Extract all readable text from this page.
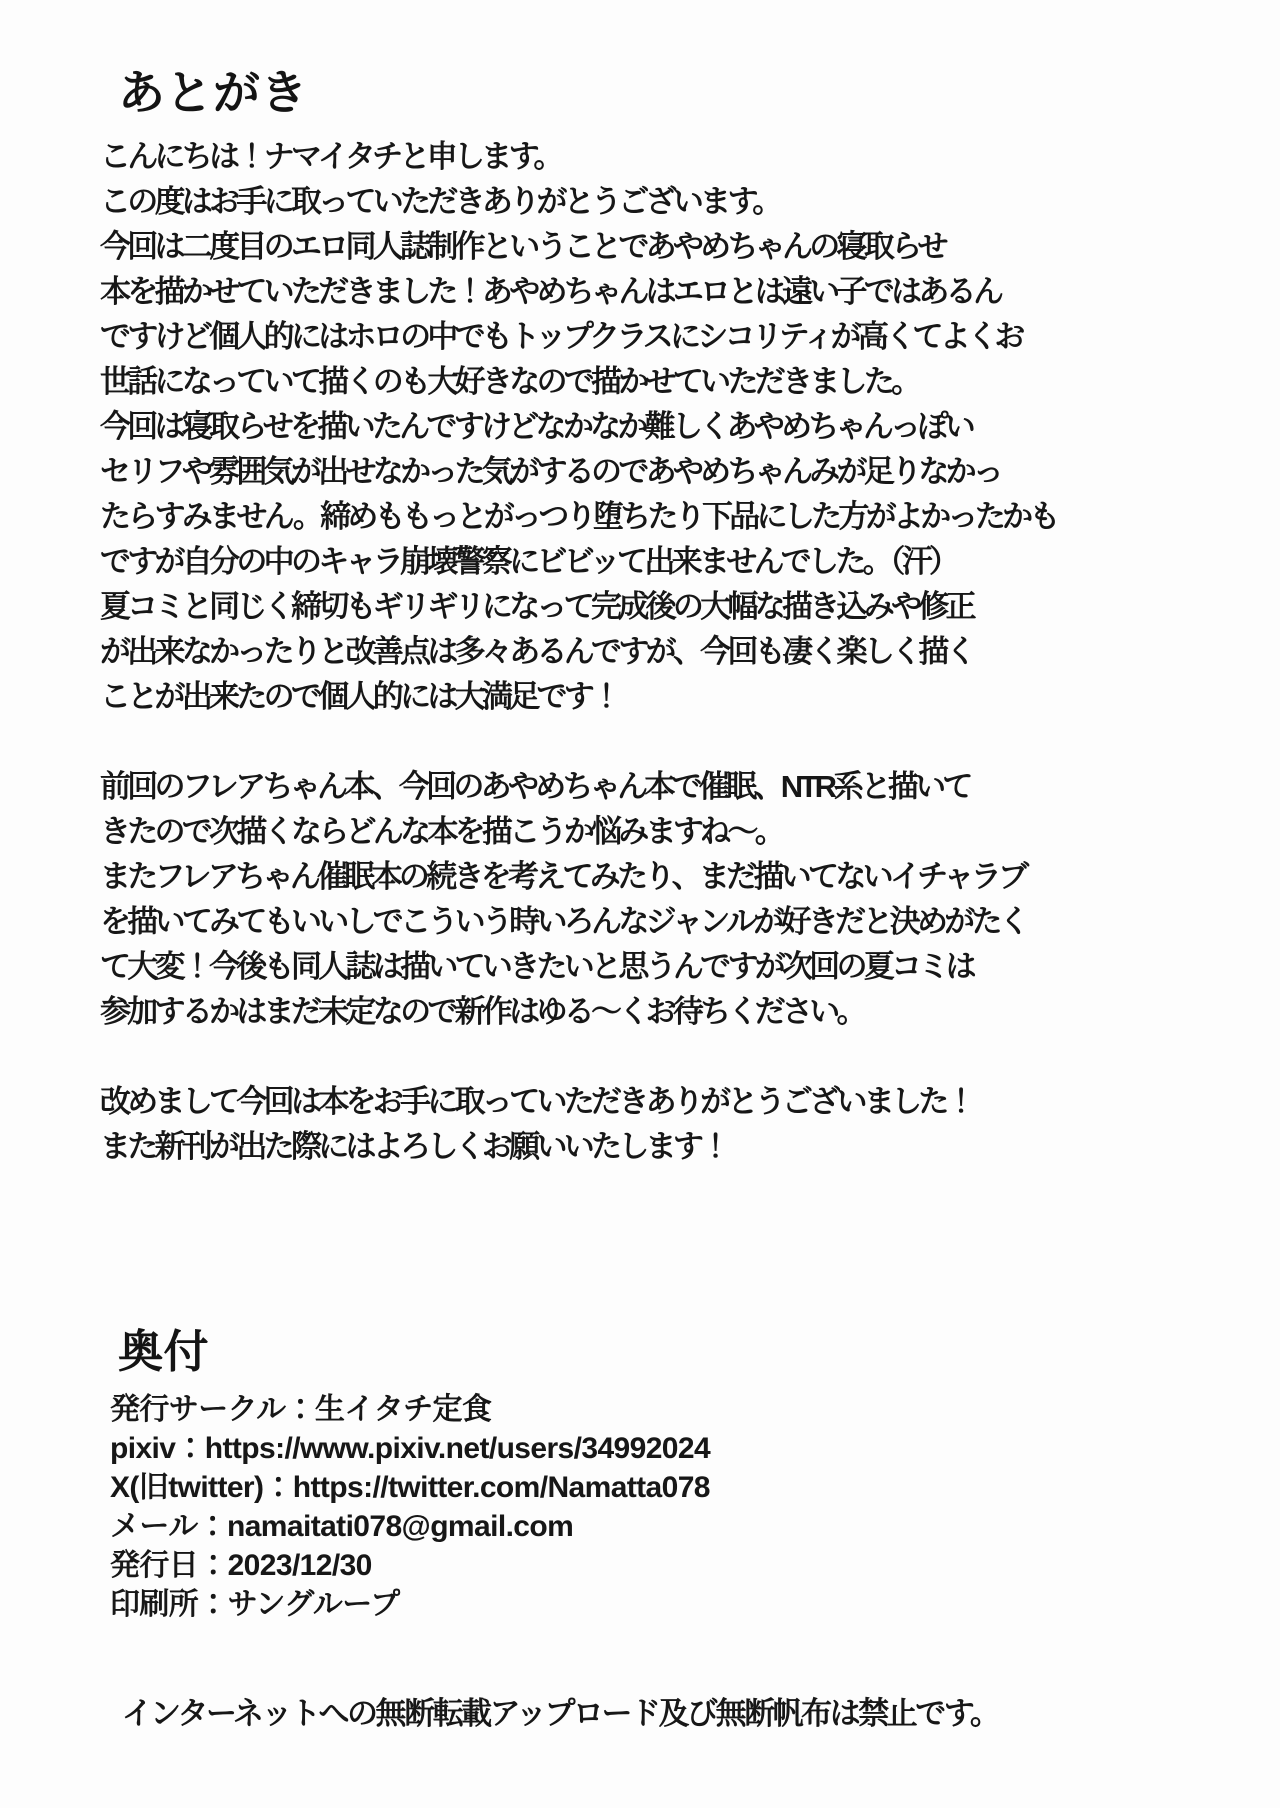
あとがき
こんにちは！ナマイタチと申します。
この度はお手に取っていただきありがとうございます。
今回は二度目のエロ同人誌制作ということであやめちゃんの寝取らせ
本を描かせていただきました！あやめちゃんはエロとは遠い子ではあるん
ですけど個人的にはホロの中でもトップクラスにシコリティが高くてよくお
世話になっていて描くのも大好きなので描かせていただきました。
今回は寝取らせを描いたんですけどなかなか難しくあやめちゃんっぽい
セリフや雰囲気が出せなかった気がするのであやめちゃんみが足りなかっ
たらすみません。締めももっとがっつり堕ちたり下品にした方がよかったかも
ですが自分の中のキャラ崩壊警察にビビッて出来ませんでした。（汗）
夏コミと同じく締切もギリギリになって完成後の大幅な描き込みや修正
が出来なかったりと改善点は多々あるんですが、今回も凄く楽しく描く
ことが出来たので個人的には大満足です！
前回のフレアちゃん本、今回のあやめちゃん本で催眠、NTR系と描いて
きたので次描くならどんな本を描こうか悩みますね～。
またフレアちゃん催眠本の続きを考えてみたり、まだ描いてないイチャラブ
を描いてみてもいいしでこういう時いろんなジャンルが好きだと決めがたく
て大変！今後も同人誌は描いていきたいと思うんですが次回の夏コミは
参加するかはまだ未定なので新作はゆる～くお待ちください。
改めまして今回は本をお手に取っていただきありがとうございました！
また新刊が出た際にはよろしくお願いいたします！
奥付
発行サークル：生イタチ定食
pixiv：https://www.pixiv.net/users/34992024
X(旧twitter)：https://twitter.com/Namatta078
メール：namaitati078@gmail.com
発行日：2023/12/30
印刷所：サングループ
インターネットへの無断転載アップロード及び無断帆布は禁止です。
